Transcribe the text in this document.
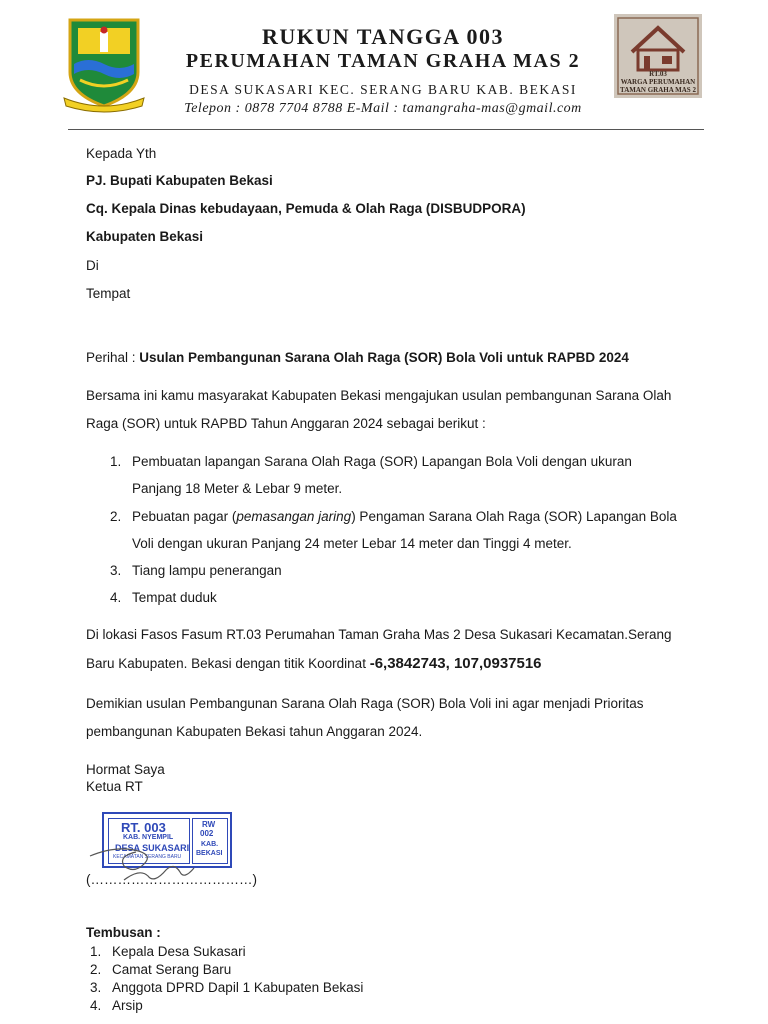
RUKUN TANGGA 003
PERUMAHAN TAMAN GRAHA MAS 2
DESA SUKASARI KEC. SERANG BARU KAB. BEKASI
Telepon : 0878 7704 8788 E-Mail : tamangraha-mas@gmail.com
RT.03
WARGA PERUMAHAN
TAMAN GRAHA MAS 2
Kepada Yth
PJ. Bupati Kabupaten Bekasi
Cq. Kepala Dinas kebudayaan, Pemuda & Olah Raga (DISBUDPORA)
Kabupaten Bekasi
Di
Tempat
Perihal : Usulan Pembangunan Sarana Olah Raga (SOR) Bola Voli untuk RAPBD 2024
Bersama ini kamu masyarakat Kabupaten Bekasi mengajukan usulan pembangunan Sarana Olah
Raga (SOR) untuk RAPBD Tahun Anggaran 2024 sebagai berikut :
1. Pembuatan lapangan Sarana Olah Raga (SOR) Lapangan Bola Voli dengan ukuran
Panjang 18 Meter & Lebar 9 meter.
2. Pebuatan pagar (pemasangan jaring) Pengaman Sarana Olah Raga (SOR) Lapangan Bola
Voli dengan ukuran Panjang 24 meter Lebar 14 meter dan Tinggi 4 meter.
3. Tiang lampu penerangan
4. Tempat duduk
Di lokasi Fasos Fasum RT.03 Perumahan Taman Graha Mas 2 Desa Sukasari Kecamatan.Serang
Baru Kabupaten. Bekasi dengan titik Koordinat -6,3842743, 107,0937516
Demikian usulan Pembangunan Sarana Olah Raga (SOR) Bola Voli ini agar menjadi Prioritas
pembangunan Kabupaten Bekasi tahun Anggaran 2024.
Hormat Saya
Ketua RT
RT. 003
KAB. NYEMPIL
DESA SUKASARI
KECAMATAN SERANG BARU
RW
002
KAB.
BEKASI
(………………………………)
Tembusan :
1. Kepala Desa Sukasari
2. Camat Serang Baru
3. Anggota DPRD Dapil 1 Kabupaten Bekasi
4. Arsip
